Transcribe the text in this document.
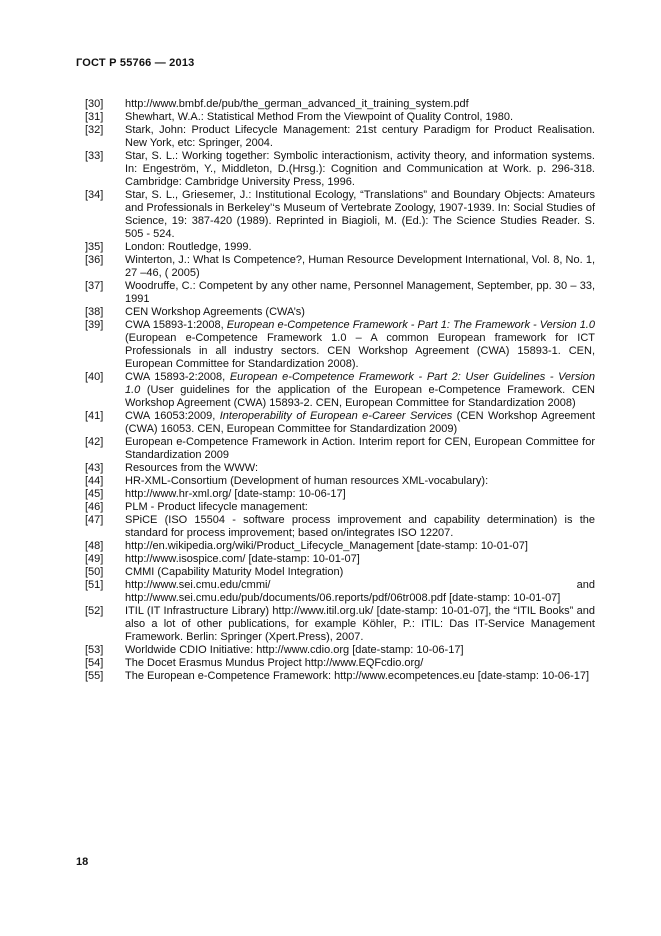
ГОСТ Р 55766 — 2013
[30]	http://www.bmbf.de/pub/the_german_advanced_it_training_system.pdf
[31]	Shewhart, W.A.: Statistical Method From the Viewpoint of Quality Control, 1980.
[32]	Stark, John: Product Lifecycle Management: 21st century Paradigm for Product Realisation. New York, etc: Springer, 2004.
[33]	Star, S. L.: Working together: Symbolic interactionism, activity theory, and information systems. In: Engeström, Y., Middleton, D.(Hrsg.): Cognition and Communication at Work. p. 296-318. Cambridge: Cambridge University Press, 1996.
[34]	Star, S. L., Griesemer, J.: Institutional Ecology, “Translations” and Boundary Objects: Amateurs and Professionals in Berkeley’‘s Museum of Vertebrate Zoology, 1907-1939. In: Social Studies of Science, 19: 387-420 (1989). Reprinted in Biagioli, M. (Ed.): The Science Studies Reader. S. 505 - 524.
]35]	London: Routledge, 1999.
[36]	Winterton, J.: What Is Competence?, Human Resource Development International, Vol. 8, No. 1, 27 –46, ( 2005)
[37]	Woodruffe, C.: Competent by any other name, Personnel Management, September, pp. 30 – 33, 1991
[38]	CEN Workshop Agreements (CWA’s)
[39]	CWA 15893-1:2008, European e-Competence Framework - Part 1: The Framework - Version 1.0 (European e-Competence Framework 1.0 – A common European framework for ICT Professionals in all industry sectors. CEN Workshop Agreement (CWA) 15893-1. CEN, European Committee for Standardization 2008).
[40]	CWA 15893-2:2008, European e-Competence Framework - Part 2: User Guidelines - Version 1.0 (User guidelines for the application of the European e-Competence Framework. CEN Workshop Agreement (CWA) 15893-2. CEN, European Committee for Standardization 2008)
[41]	CWA 16053:2009, Interoperability of European e-Career Services (CEN Workshop Agreement (CWA) 16053. CEN, European Committee for Standardization 2009)
[42]	European e-Competence Framework in Action. Interim report for CEN, European Committee for Standardization 2009
[43]	Resources from the WWW:
[44]	HR-XML-Consortium (Development of human resources XML-vocabulary):
[45]	http://www.hr-xml.org/ [date-stamp: 10-06-17]
[46]	PLM - Product lifecycle management:
[47]	SPiCE (ISO 15504 - software process improvement and capability determination) is the standard for process improvement; based on/integrates ISO 12207.
[48]	http://en.wikipedia.org/wiki/Product_Lifecycle_Management [date-stamp: 10-01-07]
[49]	http://www.isospice.com/ [date-stamp: 10-01-07]
[50]	CMMI (Capability Maturity Model Integration)
[51]	http://www.sei.cmu.edu/cmmi/ and http://www.sei.cmu.edu/pub/documents/06.reports/pdf/06tr008.pdf [date-stamp: 10-01-07]
[52]	ITIL (IT Infrastructure Library) http://www.itil.org.uk/ [date-stamp: 10-01-07], the “ITIL Books” and also a lot of other publications, for example Köhler, P.: ITIL: Das IT-Service Management Framework. Berlin: Springer (Xpert.Press), 2007.
[53]	Worldwide CDIO Initiative: http://www.cdio.org [date-stamp: 10-06-17]
[54]	The Docet Erasmus Mundus Project http://www.EQFcdio.org/
[55]	The European e-Competence Framework: http://www.ecompetences.eu [date-stamp: 10-06-17]
18
